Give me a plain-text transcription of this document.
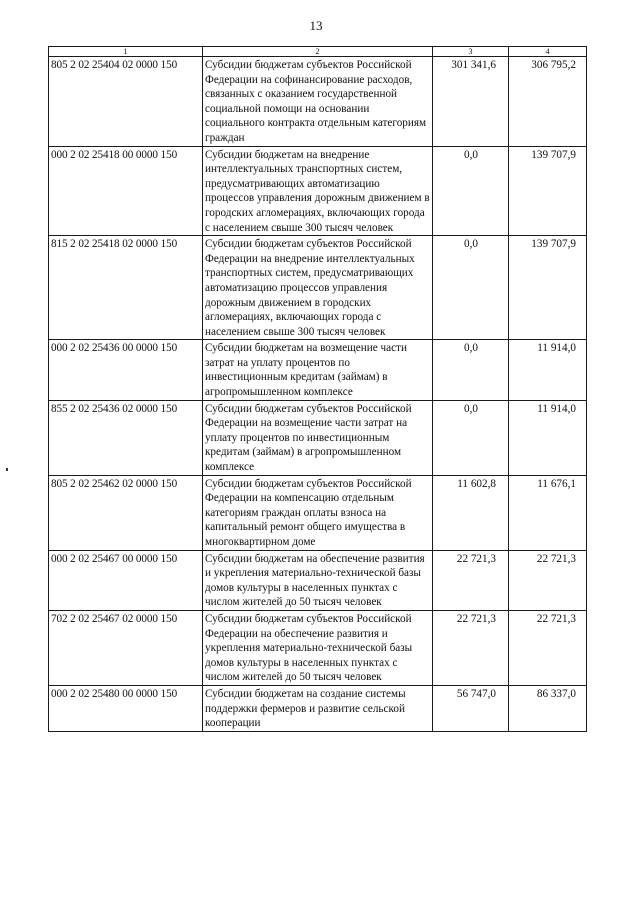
13
1	2	3	4
805 2 02 25404 02 0000 150	Субсидии бюджетам субъектов Российской Федерации на софинансирование расходов, связанных с оказанием государственной социальной помощи на основании социального контракта отдельным категориям граждан	301 341,6	306 795,2
000 2 02 25418 00 0000 150	Субсидии бюджетам на внедрение интеллектуальных транспортных систем, предусматривающих автоматизацию процессов управления дорожным движением в городских агломерациях, включающих города с населением свыше 300 тысяч человек	0,0	139 707,9
815 2 02 25418 02 0000 150	Субсидии бюджетам субъектов Российской Федерации на внедрение интеллектуальных транспортных систем, предусматривающих автоматизацию процессов управления дорожным движением в городских агломерациях, включающих города с населением свыше 300 тысяч человек	0,0	139 707,9
000 2 02 25436 00 0000 150	Субсидии бюджетам на возмещение части затрат на уплату процентов по инвестиционным кредитам (займам) в агропромышленном комплексе	0,0	11 914,0
855 2 02 25436 02 0000 150	Субсидии бюджетам субъектов Российской Федерации на возмещение части затрат на уплату процентов по инвестиционным кредитам (займам) в агропромышленном комплексе	0,0	11 914,0
805 2 02 25462 02 0000 150	Субсидии бюджетам субъектов Российской Федерации на компенсацию отдельным категориям граждан оплаты взноса на капитальный ремонт общего имущества в многоквартирном доме	11 602,8	11 676,1
000 2 02 25467 00 0000 150	Субсидии бюджетам на обеспечение развития и укрепления материально-технической базы домов культуры в населенных пунктах с числом жителей до 50 тысяч человек	22 721,3	22 721,3
702 2 02 25467 02 0000 150	Субсидии бюджетам субъектов Российской Федерации на обеспечение развития и укрепления материально-технической базы домов культуры в населенных пунктах с числом жителей до 50 тысяч человек	22 721,3	22 721,3
000 2 02 25480 00 0000 150	Субсидии бюджетам на создание системы поддержки фермеров и развитие сельской кооперации	56 747,0	86 337,0
